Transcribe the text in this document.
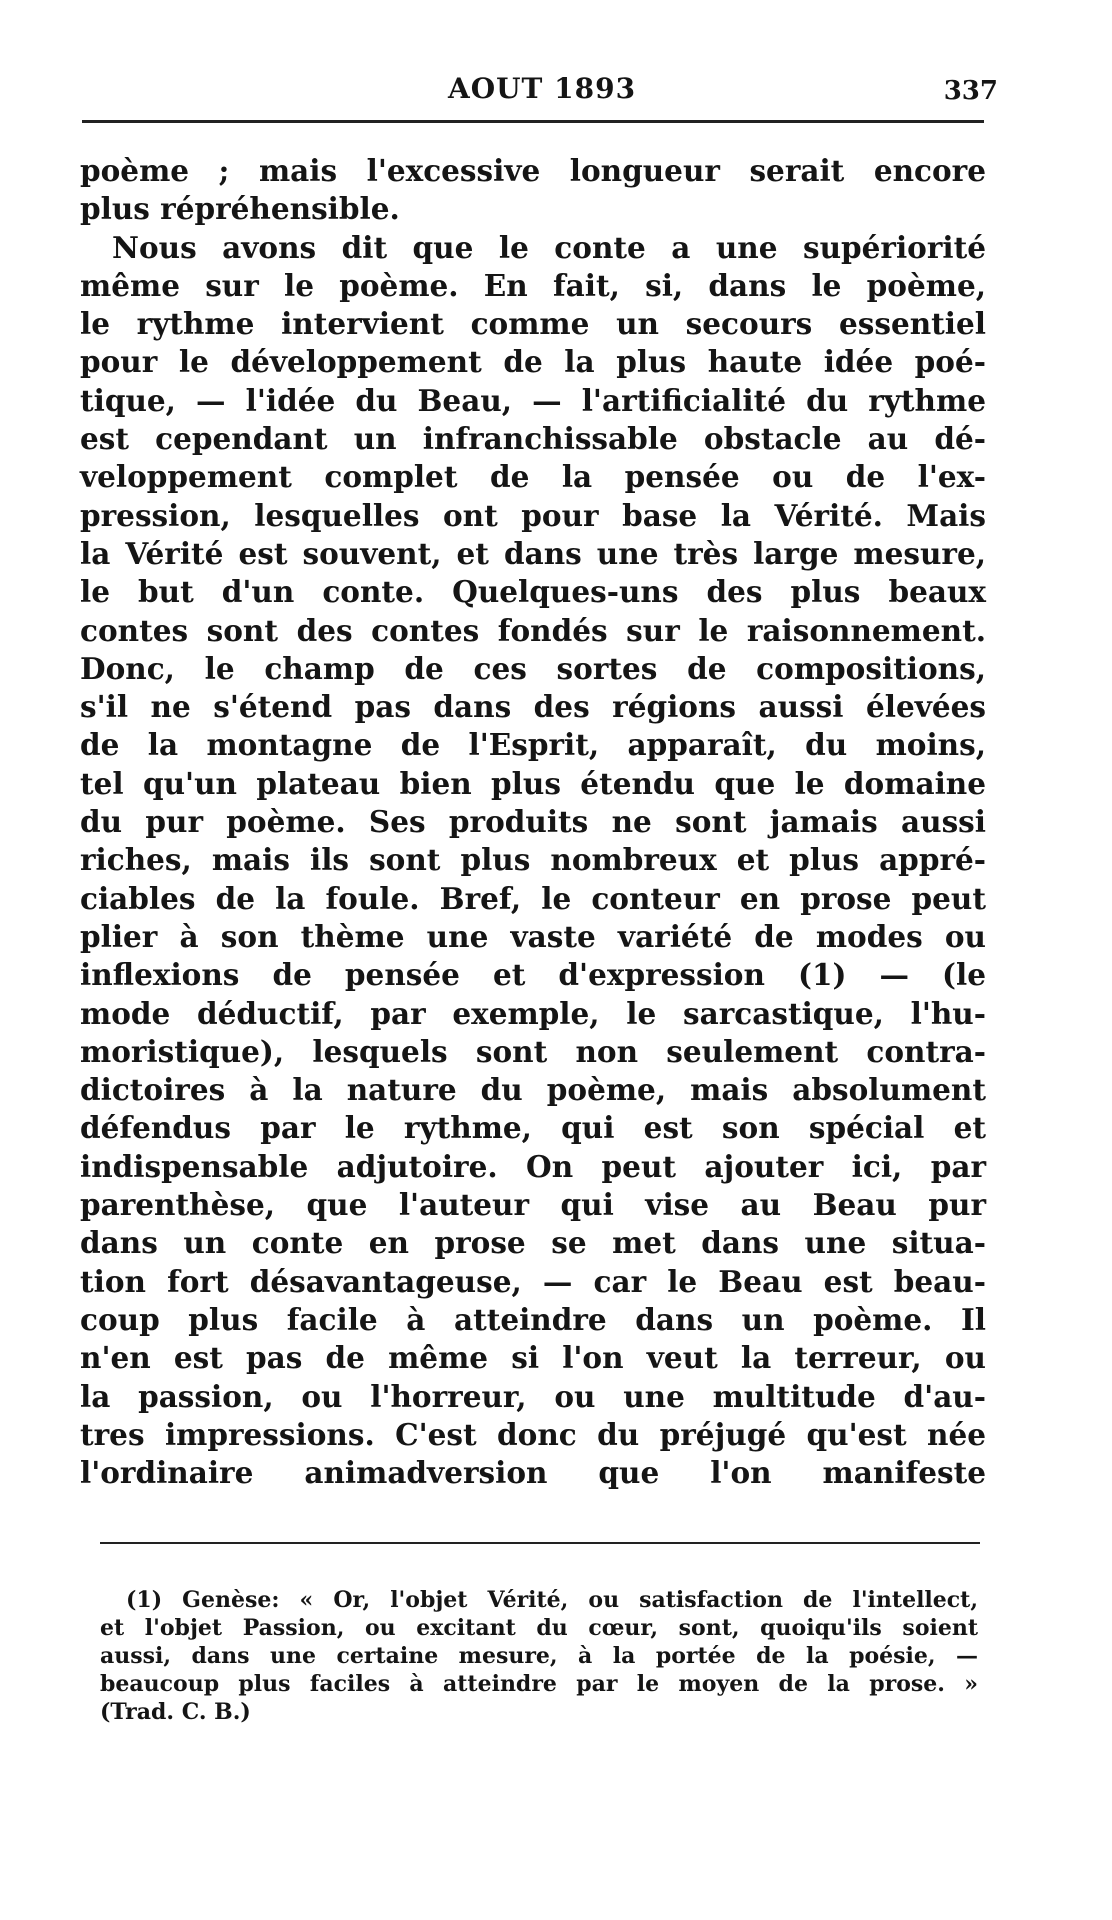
AOUT 1893	337
poème ; mais l'excessive longueur serait encore
plus répréhensible.
Nous avons dit que le conte a une supériorité
même sur le poème. En fait, si, dans le poème,
le rythme intervient comme un secours essentiel
pour le développement de la plus haute idée poé-
tique, — l'idée du Beau, — l'artificialité du rythme
est cependant un infranchissable obstacle au dé-
veloppement complet de la pensée ou de l'ex-
pression, lesquelles ont pour base la Vérité. Mais
la Vérité est souvent, et dans une très large mesure,
le but d'un conte. Quelques-uns des plus beaux
contes sont des contes fondés sur le raisonnement.
Donc, le champ de ces sortes de compositions,
s'il ne s'étend pas dans des régions aussi élevées
de la montagne de l'Esprit, apparaît, du moins,
tel qu'un plateau bien plus étendu que le domaine
du pur poème. Ses produits ne sont jamais aussi
riches, mais ils sont plus nombreux et plus appré-
ciables de la foule. Bref, le conteur en prose peut
plier à son thème une vaste variété de modes ou
inflexions de pensée et d'expression (1) — (le
mode déductif, par exemple, le sarcastique, l'hu-
moristique), lesquels sont non seulement contra-
dictoires à la nature du poème, mais absolument
défendus par le rythme, qui est son spécial et
indispensable adjutoire. On peut ajouter ici, par
parenthèse, que l'auteur qui vise au Beau pur
dans un conte en prose se met dans une situa-
tion fort désavantageuse, — car le Beau est beau-
coup plus facile à atteindre dans un poème. Il
n'en est pas de même si l'on veut la terreur, ou
la passion, ou l'horreur, ou une multitude d'au-
tres impressions. C'est donc du préjugé qu'est née
l'ordinaire animadversion que l'on manifeste
(1) Genèse: « Or, l'objet Vérité, ou satisfaction de l'intellect,
et l'objet Passion, ou excitant du cœur, sont, quoiqu'ils soient
aussi, dans une certaine mesure, à la portée de la poésie, —
beaucoup plus faciles à atteindre par le moyen de la prose. »
(Trad. C. B.)
